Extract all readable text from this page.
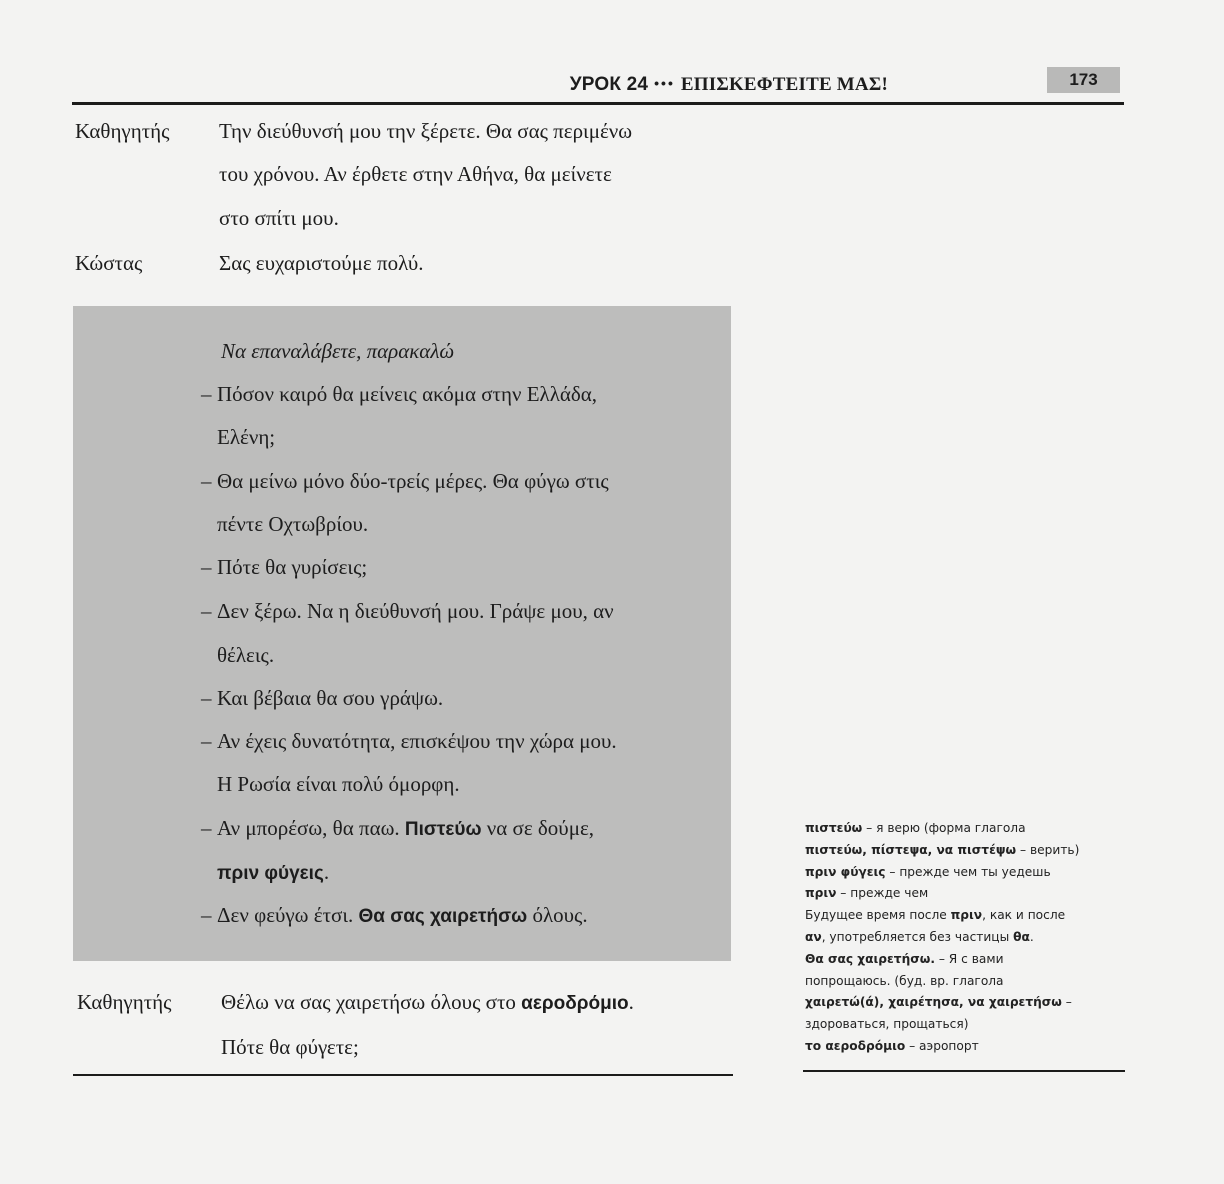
УРОК 24 ••• ΕΠΙΣΚΕΦΤΕΙΤΕ ΜΑΣ!	173
Καθηγητής Την διεύθυνσή μου την ξέρετε. Θα σας περιμένω
του χρόνου. Αν έρθετε στην Αθήνα, θα μείνετε
στο σπίτι μου.
Κώστας	Σας ευχαριστούμε πολύ.
Να επαναλάβετε, παρακαλώ
– Πόσον καιρό θα μείνεις ακόμα στην Ελλάδα,
Ελένη;
– Θα μείνω μόνο δύο-τρείς μέρες. Θα φύγω στις
πέντε Οχτωβρίου.
– Πότε θα γυρίσεις;
– Δεν ξέρω. Να η διεύθυνσή μου. Γράψε μου, αν
θέλεις.
– Και βέβαια θα σου γράψω.
– Αν έχεις δυνατότητα, επισκέψου την χώρα μου.
Η Ρωσία είναι πολύ όμορφη.
– Αν μπορέσω, θα παω. Πιστεύω να σε δούμε,
πριν φύγεις.
– Δεν φεύγω έτσι. Θα σας χαιρετήσω όλους.
Καθηγητής Θέλω να σας χαιρετήσω όλους στο αεροδρόμιο.
Πότε θα φύγετε;
πιστεύω – я верю (форма глагола
πιστεύω, πίστεψα, να πιστέψω – верить)
πριν φύγεις – прежде чем ты уедешь
πριν – прежде чем
Будущее время после πριν, как и после
αν, употребляется без частицы θα.
Θα σας χαιρετήσω. – Я с вами
попрощаюсь. (буд. вр. глагола
χαιρετώ(ά), χαιρέτησα, να χαιρετήσω –
здороваться, прощаться)
το αεροδρόμιο – аэропорт
